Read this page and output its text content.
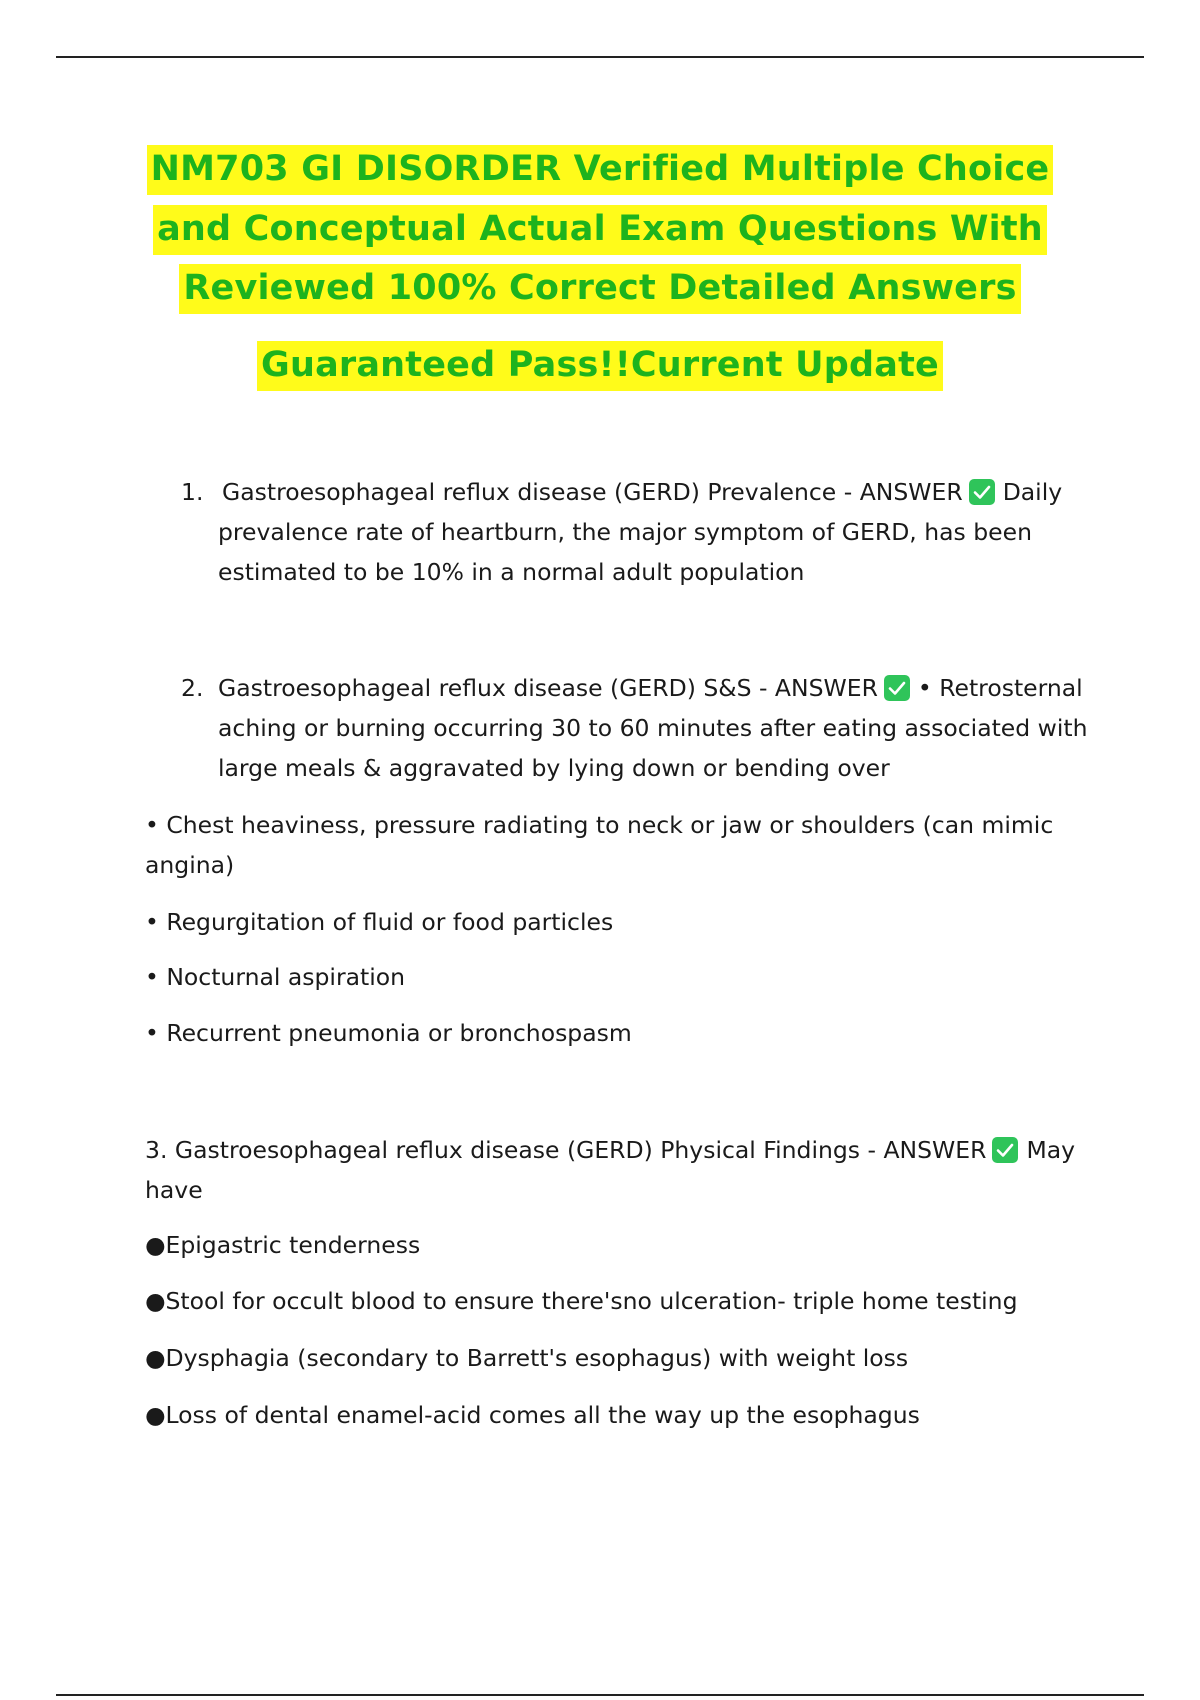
NM703 GI DISORDER Verified Multiple Choice
and Conceptual Actual Exam Questions With
Reviewed 100% Correct Detailed Answers
Guaranteed Pass!!Current Update
1. Gastroesophageal reflux disease (GERD) Prevalence - ANSWER Daily
prevalence rate of heartburn, the major symptom of GERD, has been
estimated to be 10% in a normal adult population
2. Gastroesophageal reflux disease (GERD) S&S - ANSWER • Retrosternal
aching or burning occurring 30 to 60 minutes after eating associated with
large meals & aggravated by lying down or bending over
• Chest heaviness, pressure radiating to neck or jaw or shoulders (can mimic
angina)
• Regurgitation of fluid or food particles
• Nocturnal aspiration
• Recurrent pneumonia or bronchospasm
3. Gastroesophageal reflux disease (GERD) Physical Findings - ANSWER May
have
●Epigastric tenderness
●Stool for occult blood to ensure there'sno ulceration- triple home testing
●Dysphagia (secondary to Barrett's esophagus) with weight loss
●Loss of dental enamel-acid comes all the way up the esophagus
